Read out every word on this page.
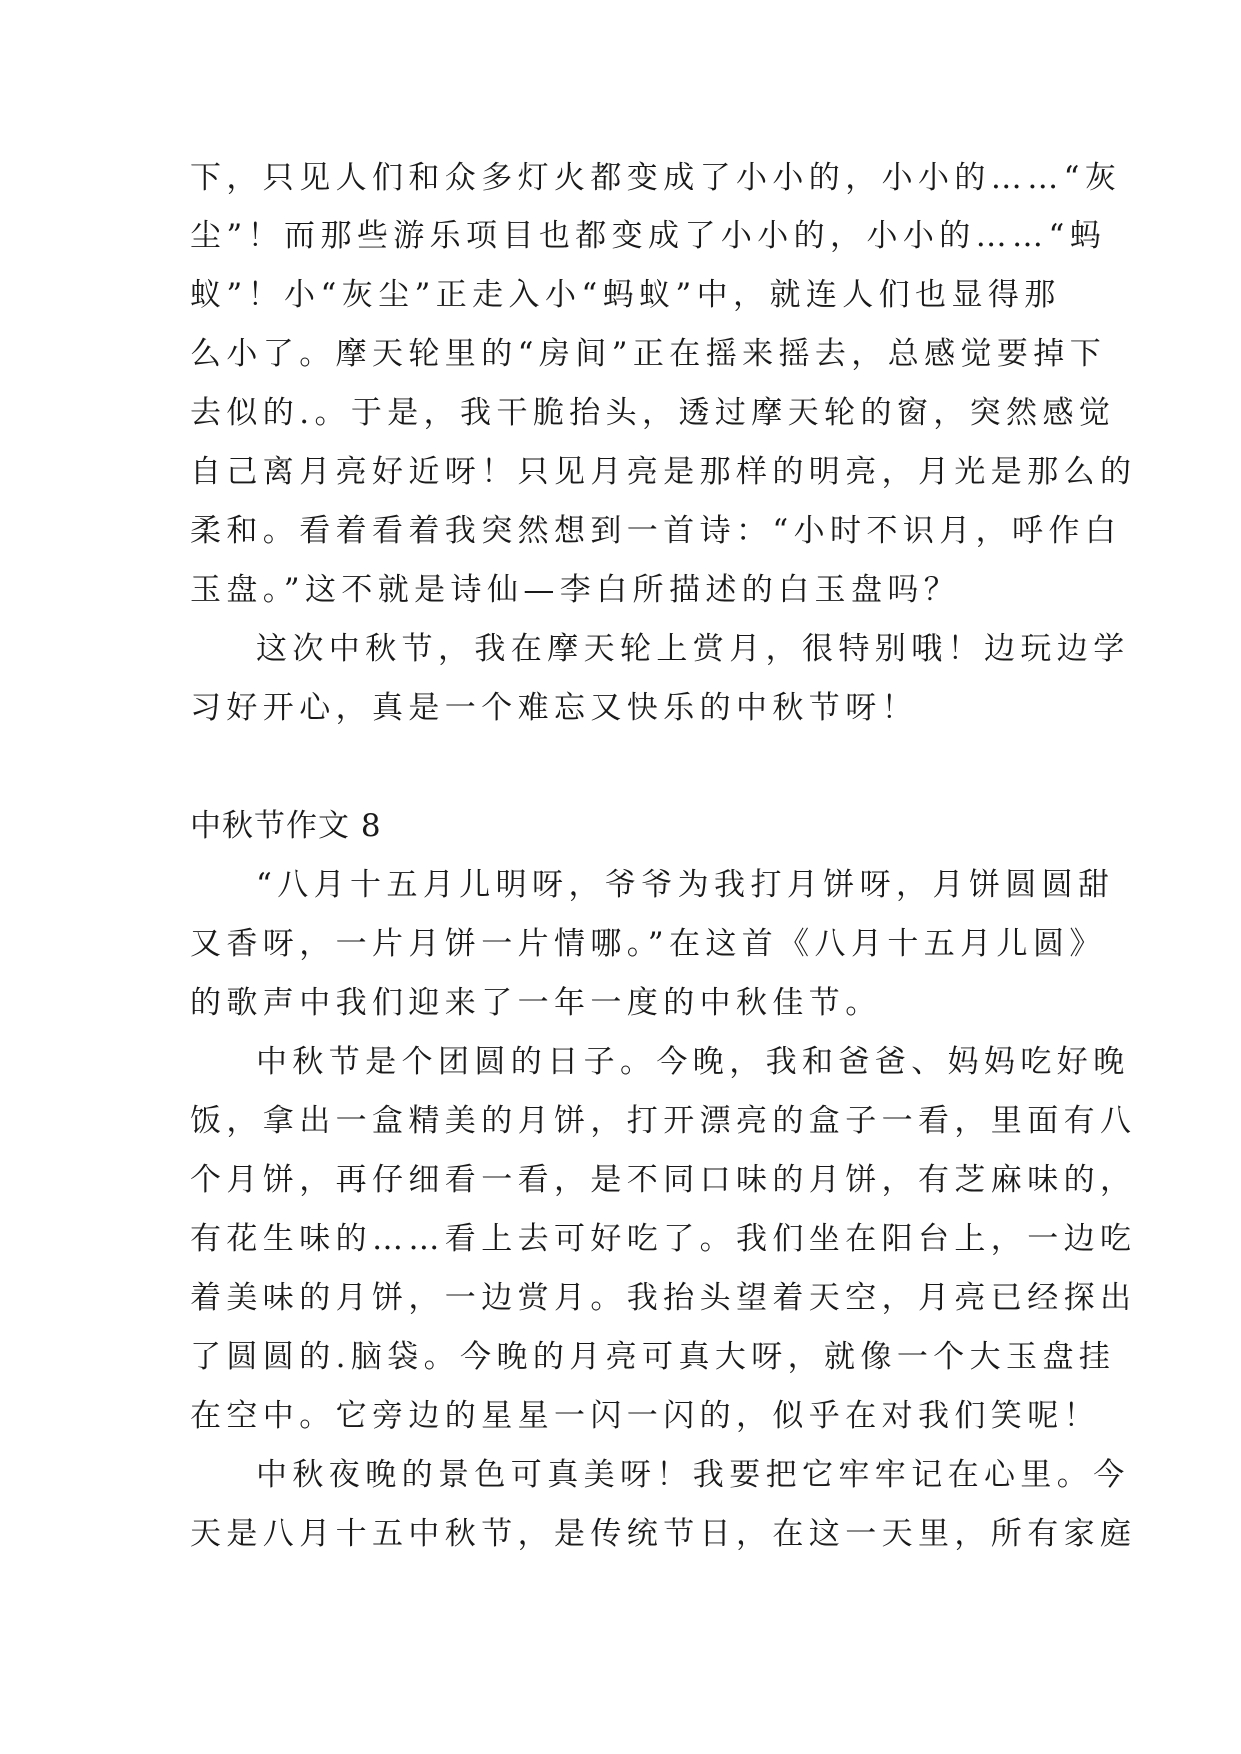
下，只见人们和众多灯火都变成了小小的，小小的……“灰
尘”！而那些游乐项目也都变成了小小的，小小的……“蚂
蚁”！小“灰尘”正走入小“蚂蚁”中，就连人们也显得那
么小了。摩天轮里的“房间”正在摇来摇去，总感觉要掉下
去似的.。于是，我干脆抬头，透过摩天轮的窗，突然感觉
自己离月亮好近呀！只见月亮是那样的明亮，月光是那么的
柔和。看着看着我突然想到一首诗：“小时不识月，呼作白
玉盘。”这不就是诗仙—李白所描述的白玉盘吗？
这次中秋节，我在摩天轮上赏月，很特别哦！边玩边学
习好开心，真是一个难忘又快乐的中秋节呀！
中秋节作文 8
“八月十五月儿明呀，爷爷为我打月饼呀，月饼圆圆甜
又香呀，一片月饼一片情哪。”在这首《八月十五月儿圆》
的歌声中我们迎来了一年一度的中秋佳节。
中秋节是个团圆的日子。今晚，我和爸爸、妈妈吃好晚
饭，拿出一盒精美的月饼，打开漂亮的盒子一看，里面有八
个月饼，再仔细看一看，是不同口味的月饼，有芝麻味的，
有花生味的……看上去可好吃了。我们坐在阳台上，一边吃
着美味的月饼，一边赏月。我抬头望着天空，月亮已经探出
了圆圆的.脑袋。今晚的月亮可真大呀，就像一个大玉盘挂
在空中。它旁边的星星一闪一闪的，似乎在对我们笑呢！
中秋夜晚的景色可真美呀！我要把它牢牢记在心里。今
天是八月十五中秋节，是传统节日，在这一天里，所有家庭
